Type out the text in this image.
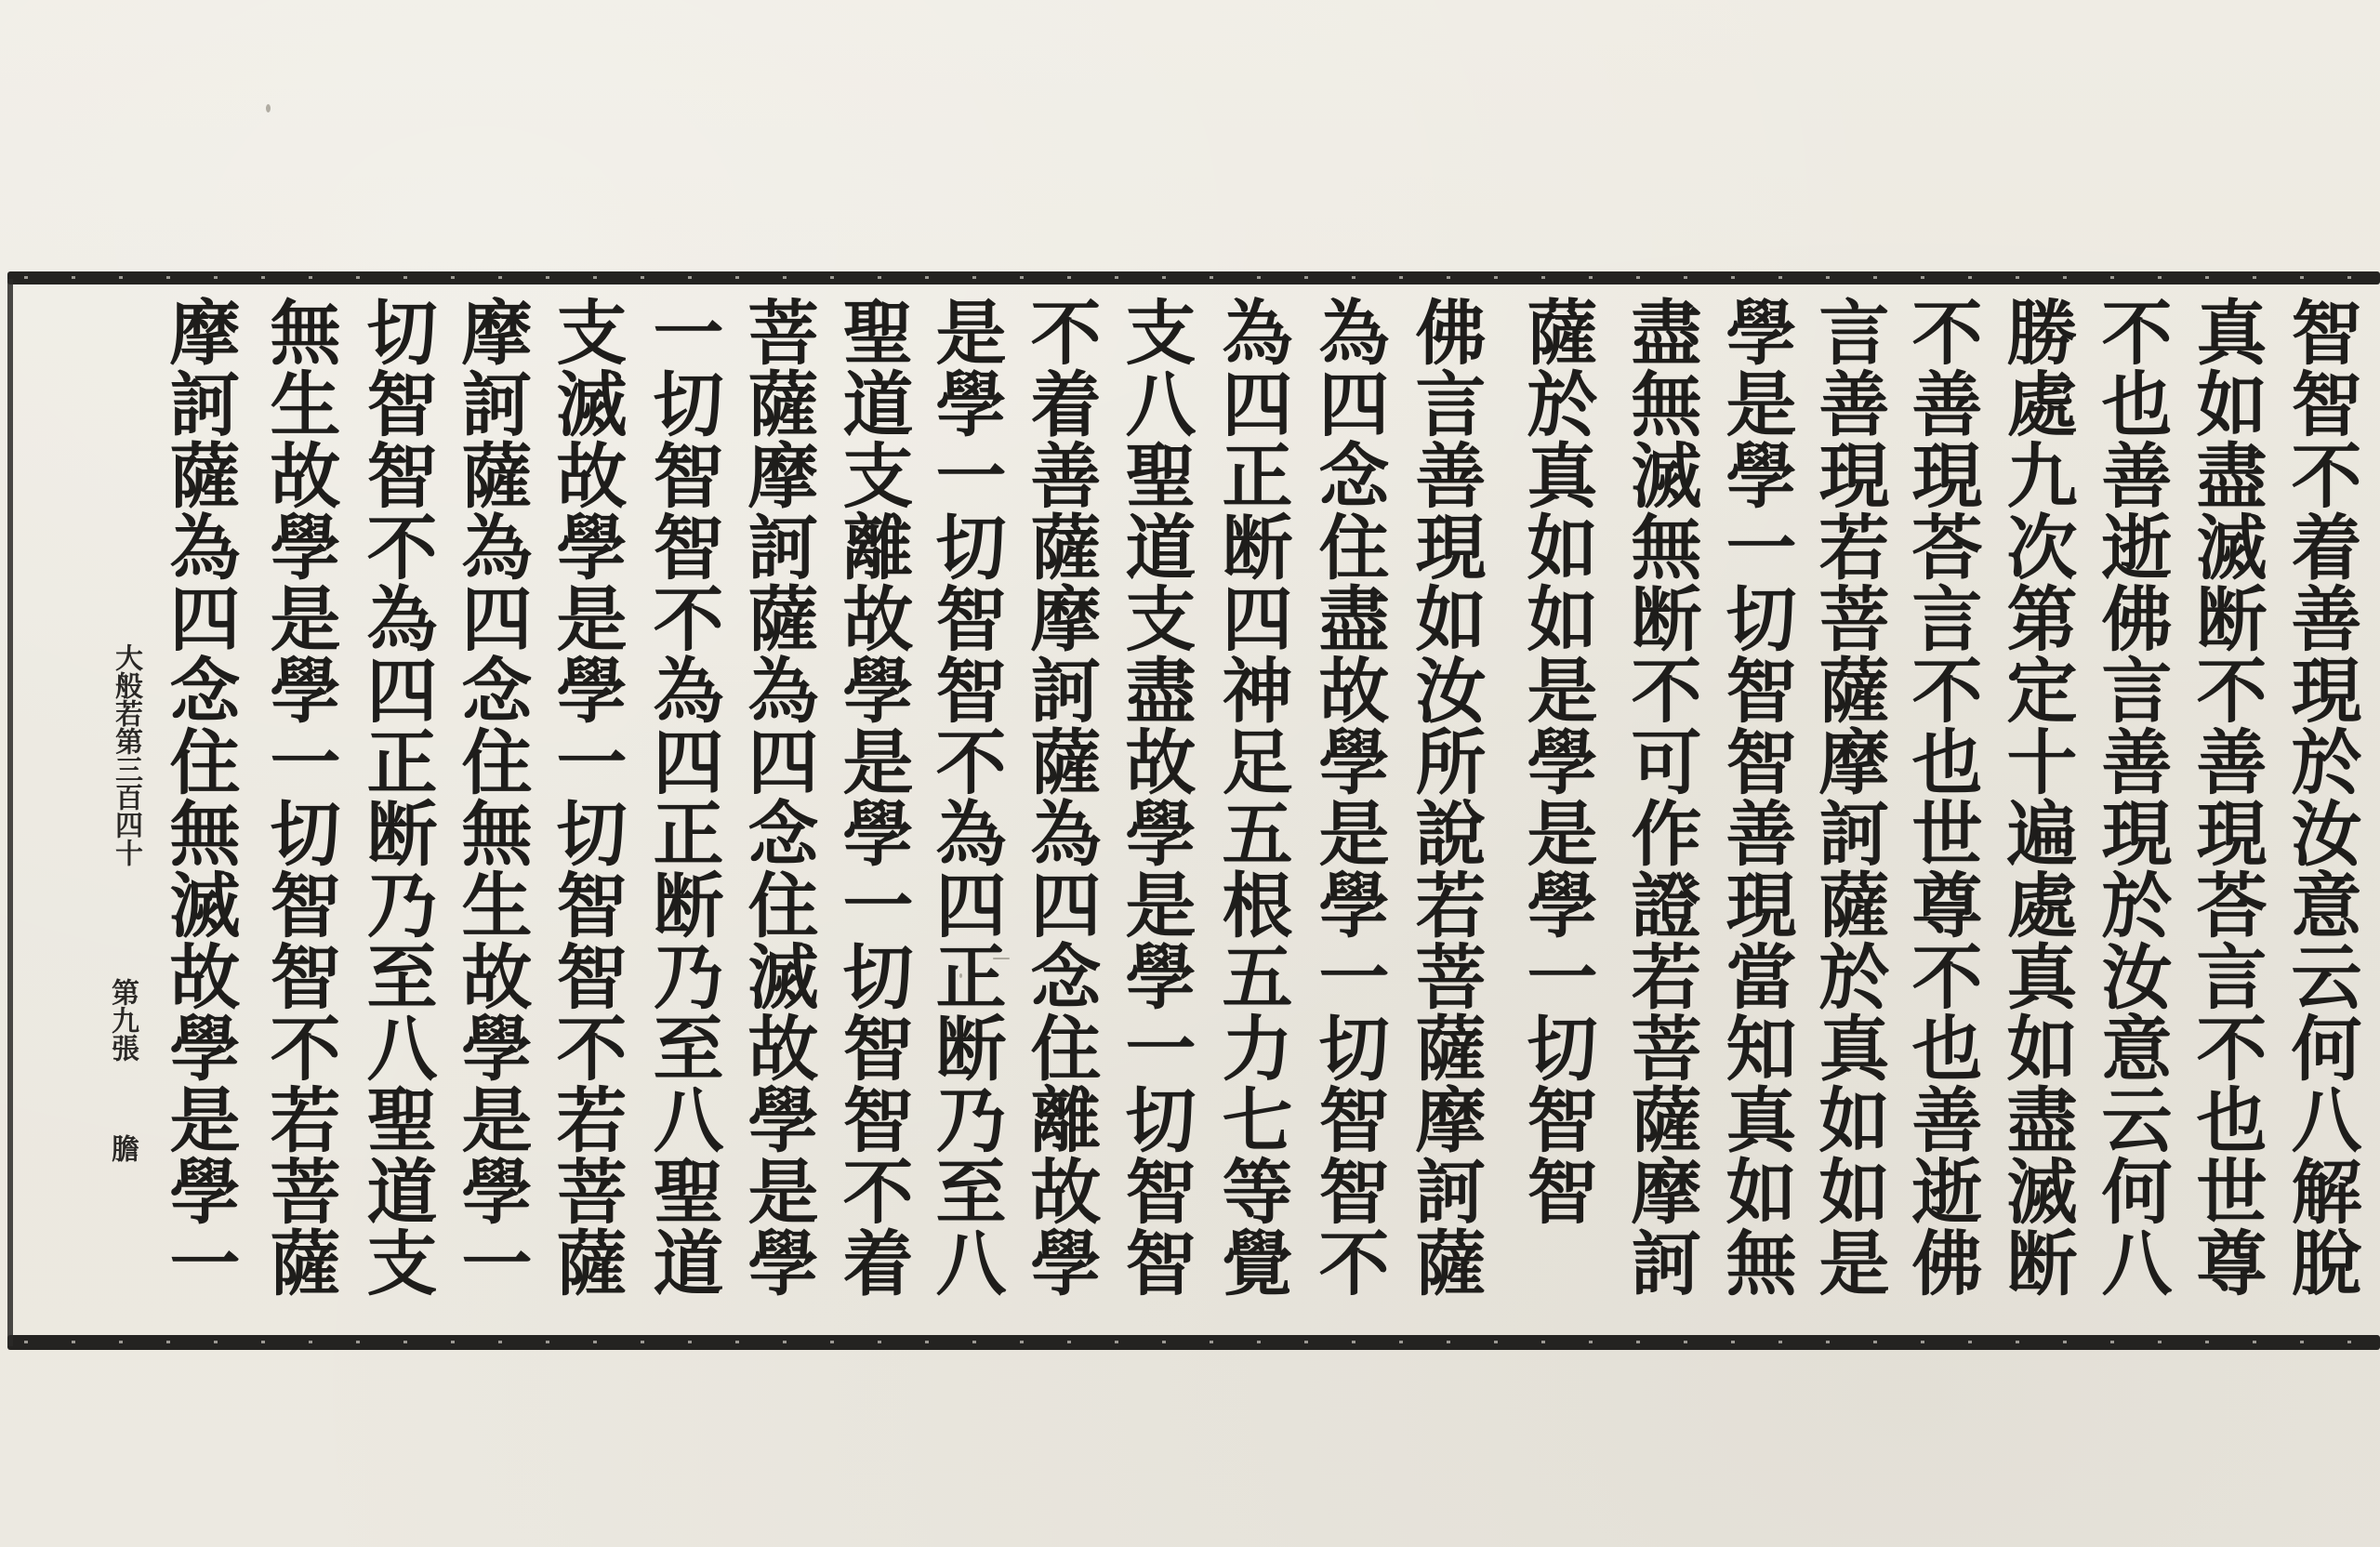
智智不着善現於汝意云何八解脫
真如盡滅断不善現荅言不也世尊
不也善逝佛言善現於汝意云何八
勝處九次第定十遍處真如盡滅断
不善現荅言不也世尊不也善逝佛
言善現若菩薩摩訶薩於真如如是
學是學一切智智善現當知真如無
盡無滅無断不可作證若菩薩摩訶
薩於真如如是學是學一切智智
佛言善現如汝所說若菩薩摩訶薩
為四念住盡故學是學一切智智不
為四正断四神足五根五力七等覺
支八聖道支盡故學是學一切智智
不着善薩摩訶薩為四念住離故學
是學一切智智不為四正断乃至八
聖道支離故學是學一切智智不着
菩薩摩訶薩為四念住滅故學是學
一切智智不為四正断乃至八聖道
支滅故學是學一切智智不若菩薩
摩訶薩為四念住無生故學是學一
切智智不為四正断乃至八聖道支
無生故學是學一切智智不若菩薩
摩訶薩為四念住無滅故學是學一
大般若第三百四十
第九張
膽
